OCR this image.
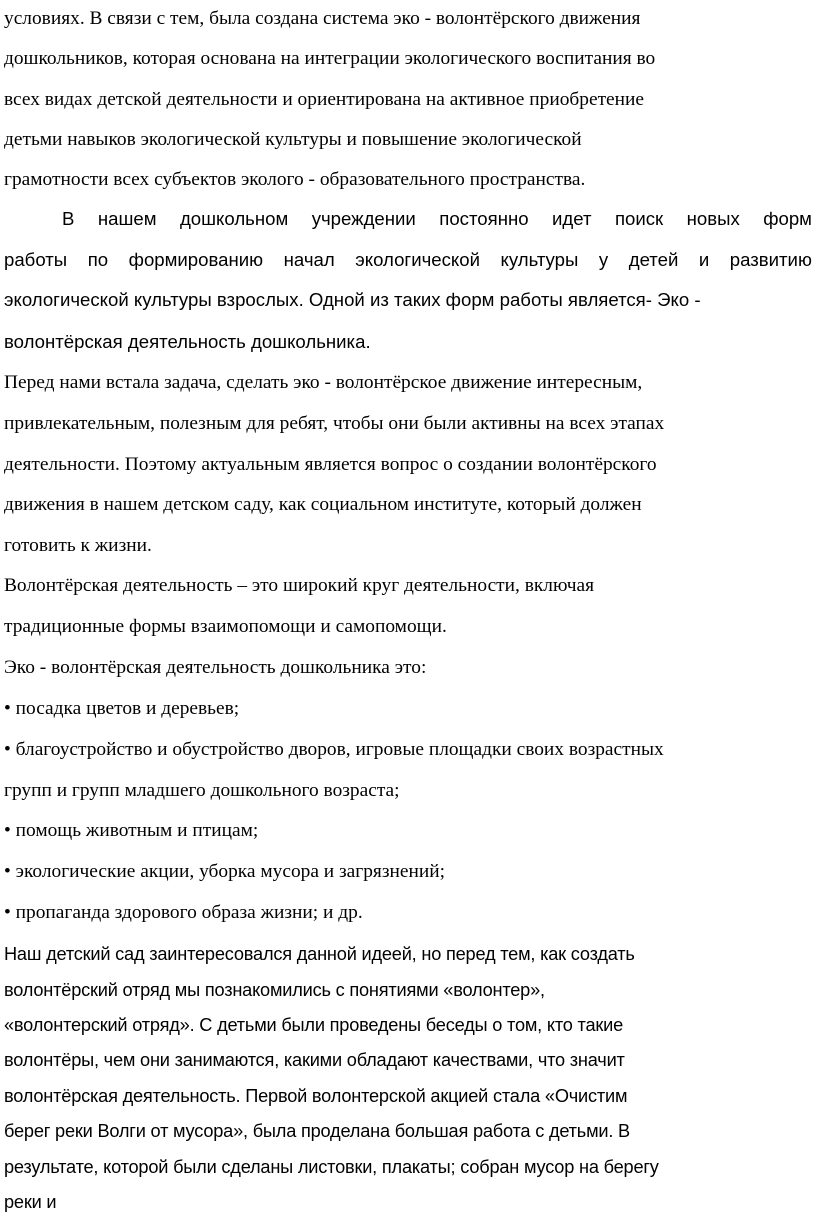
условиях. В связи с тем, была создана система эко - волонтёрского движения
дошкольников, которая основана на интеграции экологического воспитания во
всех видах детской деятельности и ориентирована на активное приобретение
детьми навыков экологической культуры и повышение экологической
грамотности всех субъектов эколого - образовательного пространства.
В нашем дошкольном учреждении постоянно идет поиск новых форм
работы по формированию начал экологической культуры у детей и развитию
экологической культуры взрослых. Одной из таких форм работы является- Эко -
волонтёрская деятельность дошкольника.
Перед нами встала задача, сделать эко - волонтёрское движение интересным,
привлекательным, полезным для ребят, чтобы они были активны на всех этапах
деятельности. Поэтому актуальным является вопрос о создании волонтёрского
движения в нашем детском саду, как социальном институте, который должен
готовить к жизни.
Волонтёрская деятельность – это широкий круг деятельности, включая
традиционные формы взаимопомощи и самопомощи.
Эко - волонтёрская деятельность дошкольника это:
• посадка цветов и деревьев;
• благоустройство и обустройство дворов, игровые площадки своих возрастных
групп и групп младшего дошкольного возраста;
• помощь животным и птицам;
• экологические акции, уборка мусора и загрязнений;
• пропаганда здорового образа жизни; и др.
Наш детский сад заинтересовался данной идеей, но перед тем, как создать
волонтёрский отряд мы познакомились с понятиями «волонтер»,
«волонтерский отряд». С детьми были проведены беседы о том, кто такие
волонтёры, чем они занимаются, какими обладают качествами, что значит
волонтёрская деятельность. Первой волонтерской акцией стала «Очистим
берег реки Волги от мусора», была проделана большая работа с детьми. В
результате, которой были сделаны листовки, плакаты; собран мусор на берегу
реки и
